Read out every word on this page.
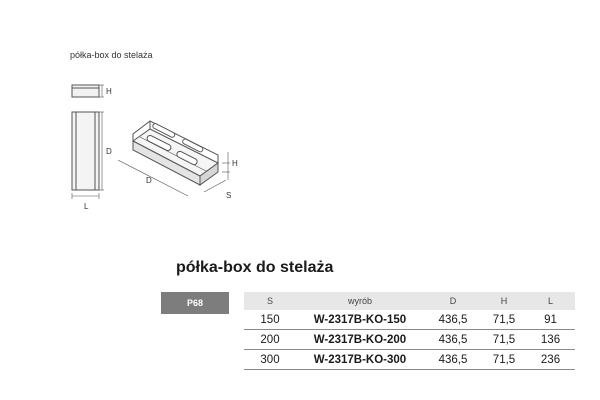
półka-box do stelaża
H
D
L
H
D
S
półka-box do stelaża
P68	S	wyrób	D	H	L
150	W-2317B-KO-150	436,5	71,5	91
200	W-2317B-KO-200	436,5	71,5	136
300	W-2317B-KO-300	436,5	71,5	236
